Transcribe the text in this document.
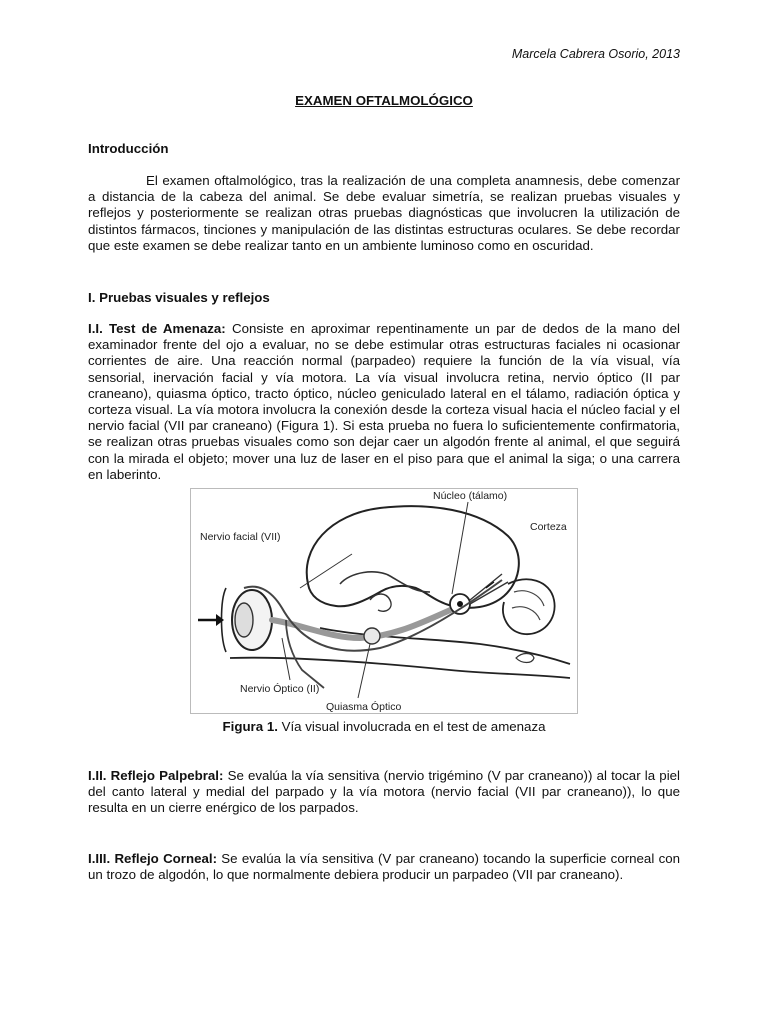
Marcela Cabrera Osorio, 2013
EXAMEN OFTALMOLÓGICO
Introducción
El examen oftalmológico, tras la realización de una completa anamnesis, debe comenzar a distancia de la cabeza del animal. Se debe evaluar simetría, se realizan pruebas visuales y reflejos y posteriormente se realizan otras pruebas diagnósticas que involucren la utilización de distintos fármacos, tinciones y manipulación de las distintas estructuras oculares. Se debe recordar que este examen se debe realizar tanto en un ambiente luminoso como en oscuridad.
I. Pruebas visuales y reflejos
I.I. Test de Amenaza: Consiste en aproximar repentinamente un par de dedos de la mano del examinador frente del ojo a evaluar, no se debe estimular otras estructuras faciales ni ocasionar corrientes de aire. Una reacción normal (parpadeo) requiere la función de la vía visual, vía sensorial, inervación facial y vía motora. La vía visual involucra retina, nervio óptico (II par craneano), quiasma óptico, tracto óptico, núcleo geniculado lateral en el tálamo, radiación óptica y corteza visual. La vía motora involucra la conexión desde la corteza visual hacia el núcleo facial y el nervio facial (VII par craneano) (Figura 1). Si esta prueba no fuera lo suficientemente confirmatoria, se realizan otras pruebas visuales como son dejar caer un algodón frente al animal, el que seguirá con la mirada el objeto; mover una luz de laser en el piso para que el animal la siga; o una carrera en laberinto.
Núcleo (tálamo)
Corteza
Nervio facial (VII)
Nervio Óptico (II)
Quiasma Óptico
Figura 1. Vía visual involucrada en el test de amenaza
I.II. Reflejo Palpebral: Se evalúa la vía sensitiva (nervio trigémino (V par craneano)) al tocar la piel del canto lateral y medial del parpado y la vía motora (nervio facial (VII par craneano)), lo que resulta en un cierre enérgico de los parpados.
I.III. Reflejo Corneal: Se evalúa la vía sensitiva (V par craneano) tocando la superficie corneal con un trozo de algodón, lo que normalmente debiera producir un parpadeo (VII par craneano).
